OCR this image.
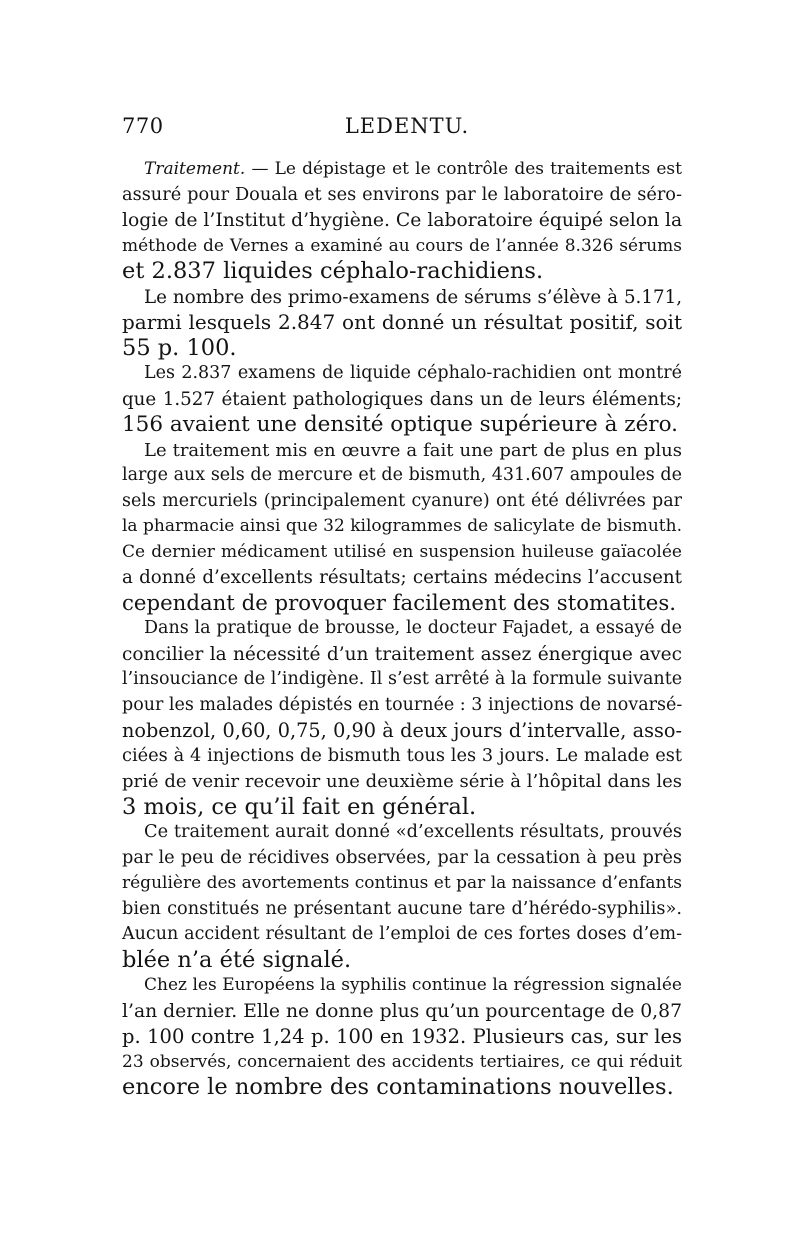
770	LEDENTU.
Traitement. — Le dépistage et le contrôle des traitements est
assuré pour Douala et ses environs par le laboratoire de séro-
logie de l’Institut d’hygiène. Ce laboratoire équipé selon la
méthode de Vernes a examiné au cours de l’année 8.326 sérums
et 2.837 liquides céphalo-rachidiens.
Le nombre des primo-examens de sérums s’élève à 5.171,
parmi lesquels 2.847 ont donné un résultat positif, soit
55 p. 100.
Les 2.837 examens de liquide céphalo-rachidien ont montré
que 1.527 étaient pathologiques dans un de leurs éléments;
156 avaient une densité optique supérieure à zéro.
Le traitement mis en œuvre a fait une part de plus en plus
large aux sels de mercure et de bismuth, 431.607 ampoules de
sels mercuriels (principalement cyanure) ont été délivrées par
la pharmacie ainsi que 32 kilogrammes de salicylate de bismuth.
Ce dernier médicament utilisé en suspension huileuse gaïacolée
a donné d’excellents résultats; certains médecins l’accusent
cependant de provoquer facilement des stomatites.
Dans la pratique de brousse, le docteur Fajadet, a essayé de
concilier la nécessité d’un traitement assez énergique avec
l’insouciance de l’indigène. Il s’est arrêté à la formule suivante
pour les malades dépistés en tournée : 3 injections de novarsé-
nobenzol, 0,60, 0,75, 0,90 à deux jours d’intervalle, asso-
ciées à 4 injections de bismuth tous les 3 jours. Le malade est
prié de venir recevoir une deuxième série à l’hôpital dans les
3 mois, ce qu’il fait en général.
Ce traitement aurait donné «d’excellents résultats, prouvés
par le peu de récidives observées, par la cessation à peu près
régulière des avortements continus et par la naissance d’enfants
bien constitués ne présentant aucune tare d’hérédo-syphilis».
Aucun accident résultant de l’emploi de ces fortes doses d’em-
blée n’a été signalé.
Chez les Européens la syphilis continue la régression signalée
l’an dernier. Elle ne donne plus qu’un pourcentage de 0,87
p. 100 contre 1,24 p. 100 en 1932. Plusieurs cas, sur les
23 observés, concernaient des accidents tertiaires, ce qui réduit
encore le nombre des contaminations nouvelles.
